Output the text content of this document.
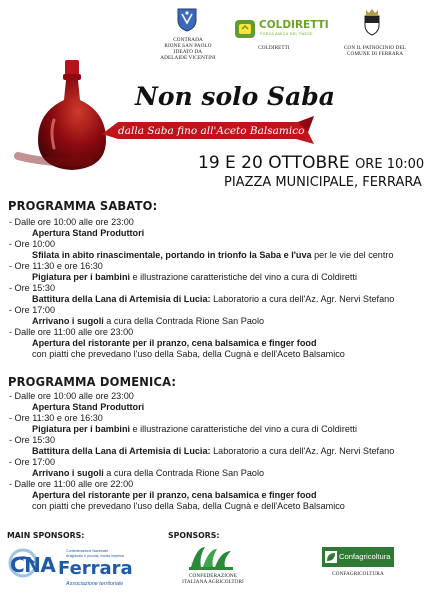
CONTRADA
RIONE SAN PAOLO
IDEATO DA
ADELAIDE VICENTINI
COLDIRETTI
FORZA AMICA DEL PAESE
COLDIRETTI	CON IL PATROCINIO DEL
COMUNE DI FERRARA
Non solo Saba
dalla Saba fino all'Aceto Balsamico
19 E 20 OTTOBRE ORE 10:00
PIAZZA MUNICIPALE, FERRARA
PROGRAMMA SABATO:
- Dalle ore 10:00 alle ore 23:00
Apertura Stand Produttori
- Ore 10:00
Sfilata in abito rinascimentale, portando in trionfo la Saba e l'uva per le vie del centro
- Ore 11:30 e ore 16:30
Pigiatura per i bambini e illustrazione caratteristiche del vino a cura di Coldiretti
- Ore 15:30
Battitura della Lana di Artemisia di Lucia: Laboratorio a cura dell'Az. Agr. Nervi Stefano
- Ore 17:00
Arrivano i sugoli a cura della Contrada Rione San Paolo
- Dalle ore 11:00 alle ore 23:00
Apertura del ristorante per il pranzo, cena balsamica e finger food
con piatti che prevedano l'uso della Saba, della Cugnà e dell'Aceto Balsamico
PROGRAMMA DOMENICA:
- Dalle ore 10:00 alle ore 23:00
Apertura Stand Produttori
- Ore 11:30 e ore 16:30
Pigiatura per i bambini e illustrazione caratteristiche del vino a cura di Coldiretti
- Ore 15:30
Battitura della Lana di Artemisia di Lucia: Laboratorio a cura dell'Az. Agr. Nervi Stefano
- Ore 17:00
Arrivano i sugoli a cura della Contrada Rione San Paolo
- Dalle ore 11:00 alle ore 22:00
Apertura del ristorante per il pranzo, cena balsamica e finger food
con piatti che prevedano l'uso della Saba, della Cugnà e dell'Aceto Balsamico
MAIN SPONSORS:	SPONSORS:
CNA
Confederazione Nazionale
Artigianato e piccola, media impresa
Ferrara
Associazione territoriale
CONFEDERAZIONE
ITALIANA AGRICOLTORI
Confagricoltura
CONFAGRICOLTURA
